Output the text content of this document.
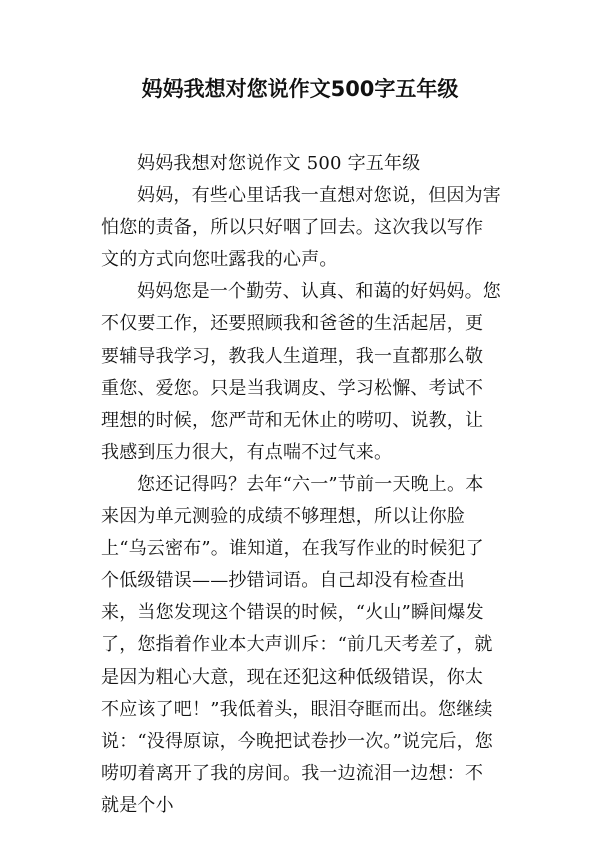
妈妈我想对您说作文500字五年级

妈妈我想对您说作文 500 字五年级

妈妈，有些心里话我一直想对您说，但因为害怕您的责备，所以只好咽了回去。这次我以写作文的方式向您吐露我的心声。

妈妈您是一个勤劳、认真、和蔼的好妈妈。您不仅要工作，还要照顾我和爸爸的生活起居，更要辅导我学习，教我人生道理，我一直都那么敬重您、爱您。只是当我调皮、学习松懈、考试不理想的时候，您严苛和无休止的唠叨、说教，让我感到压力很大，有点喘不过气来。

您还记得吗？去年“六一”节前一天晚上。本来因为单元测验的成绩不够理想，所以让你脸上“乌云密布”。谁知道，在我写作业的时候犯了个低级错误——抄错词语。自己却没有检查出来，当您发现这个错误的时候，“火山”瞬间爆发了，您指着作业本大声训斥：“前几天考差了，就是因为粗心大意，现在还犯这种低级错误，你太不应该了吧！”我低着头，眼泪夺眶而出。您继续说：“没得原谅，今晚把试卷抄一次。”说完后，您唠叨着离开了我的房间。我一边流泪一边想：不就是个小
